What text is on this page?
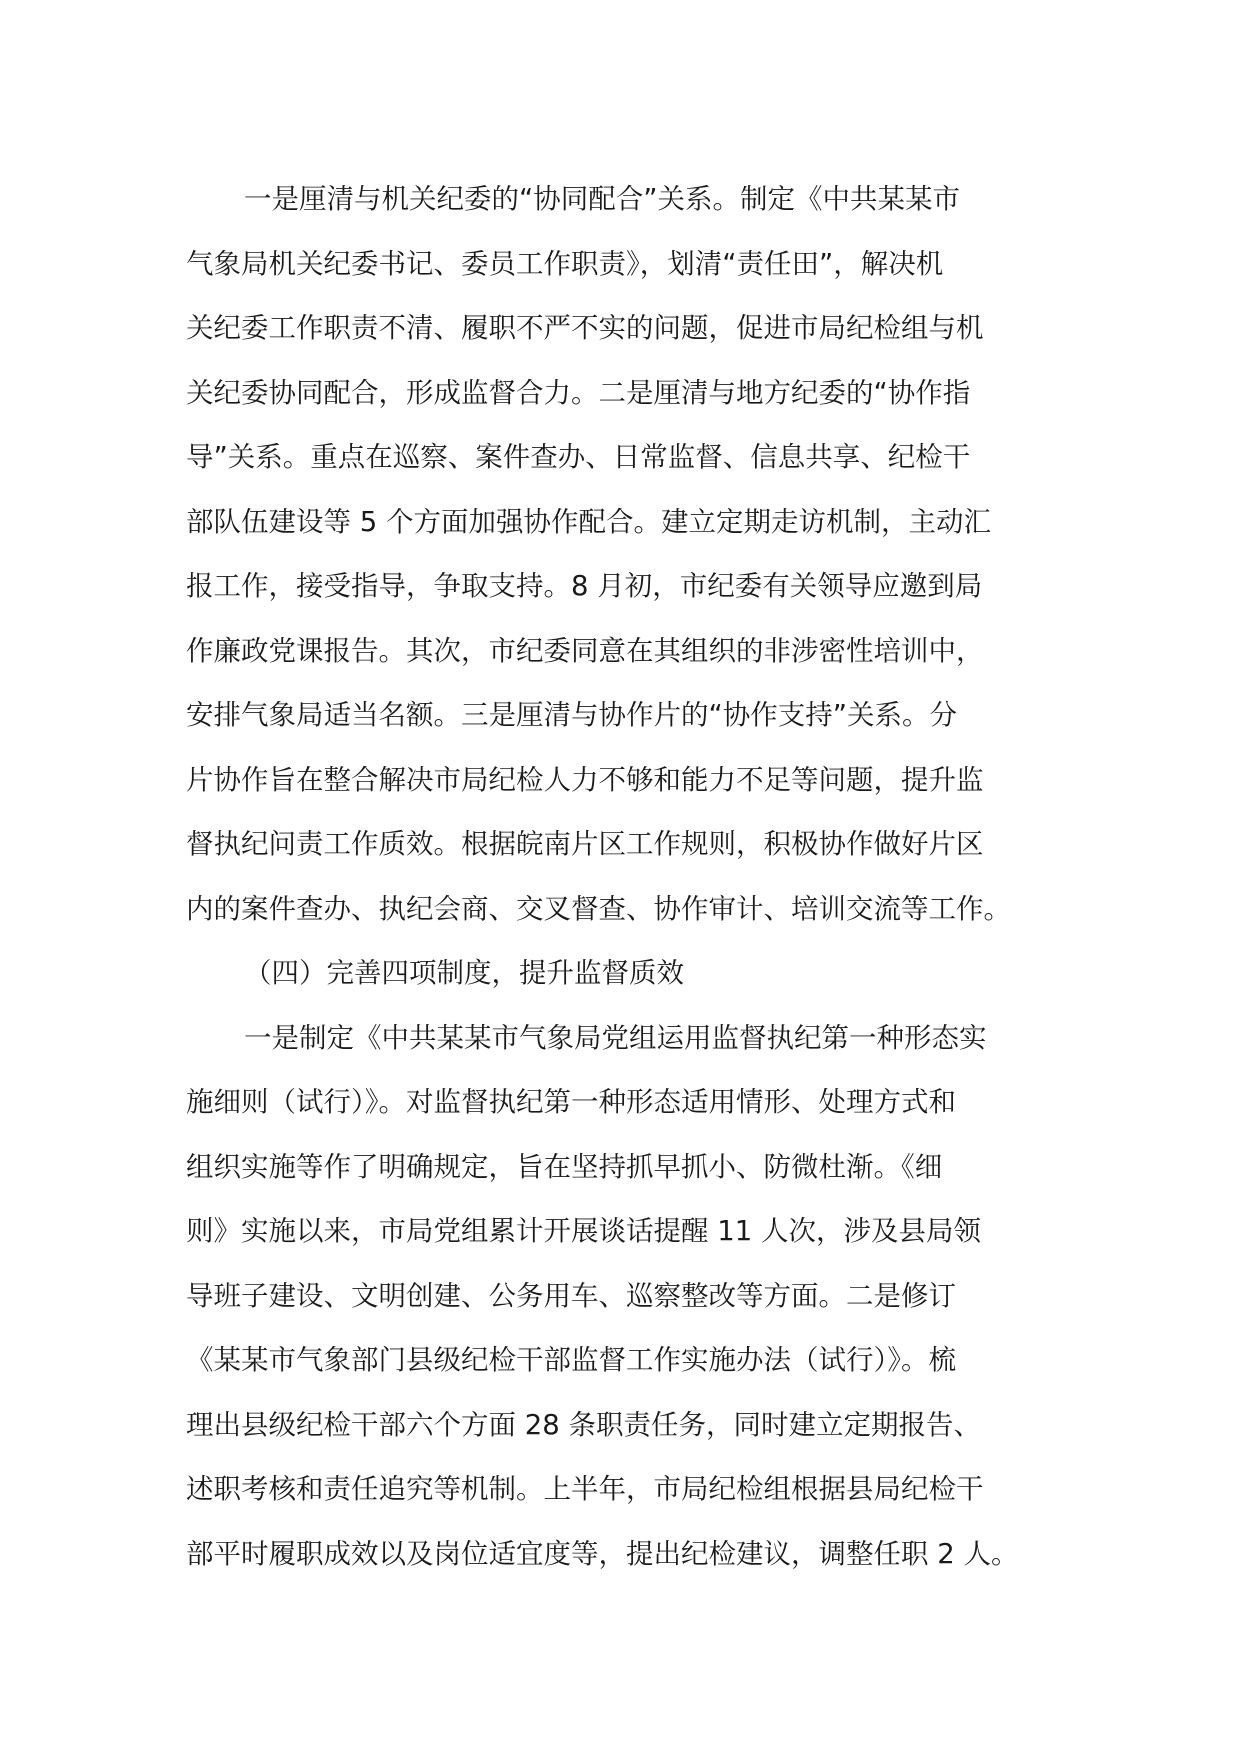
一是厘清与机关纪委的“协同配合”关系。制定《中共某某市
气象局机关纪委书记、委员工作职责》，划清“责任田”，解决机
关纪委工作职责不清、履职不严不实的问题，促进市局纪检组与机
关纪委协同配合，形成监督合力。二是厘清与地方纪委的“协作指
导”关系。重点在巡察、案件查办、日常监督、信息共享、纪检干
部队伍建设等 5 个方面加强协作配合。建立定期走访机制，主动汇
报工作，接受指导，争取支持。8 月初，市纪委有关领导应邀到局
作廉政党课报告。其次，市纪委同意在其组织的非涉密性培训中，
安排气象局适当名额。三是厘清与协作片的“协作支持”关系。分
片协作旨在整合解决市局纪检人力不够和能力不足等问题，提升监
督执纪问责工作质效。根据皖南片区工作规则，积极协作做好片区
内的案件查办、执纪会商、交叉督查、协作审计、培训交流等工作。
（四）完善四项制度，提升监督质效
一是制定《中共某某市气象局党组运用监督执纪第一种形态实
施细则（试行）》。对监督执纪第一种形态适用情形、处理方式和
组织实施等作了明确规定，旨在坚持抓早抓小、防微杜渐。《细
则》实施以来，市局党组累计开展谈话提醒 11 人次，涉及县局领
导班子建设、文明创建、公务用车、巡察整改等方面。二是修订
《某某市气象部门县级纪检干部监督工作实施办法（试行）》。梳
理出县级纪检干部六个方面 28 条职责任务，同时建立定期报告、
述职考核和责任追究等机制。上半年，市局纪检组根据县局纪检干
部平时履职成效以及岗位适宜度等，提出纪检建议，调整任职 2 人。
